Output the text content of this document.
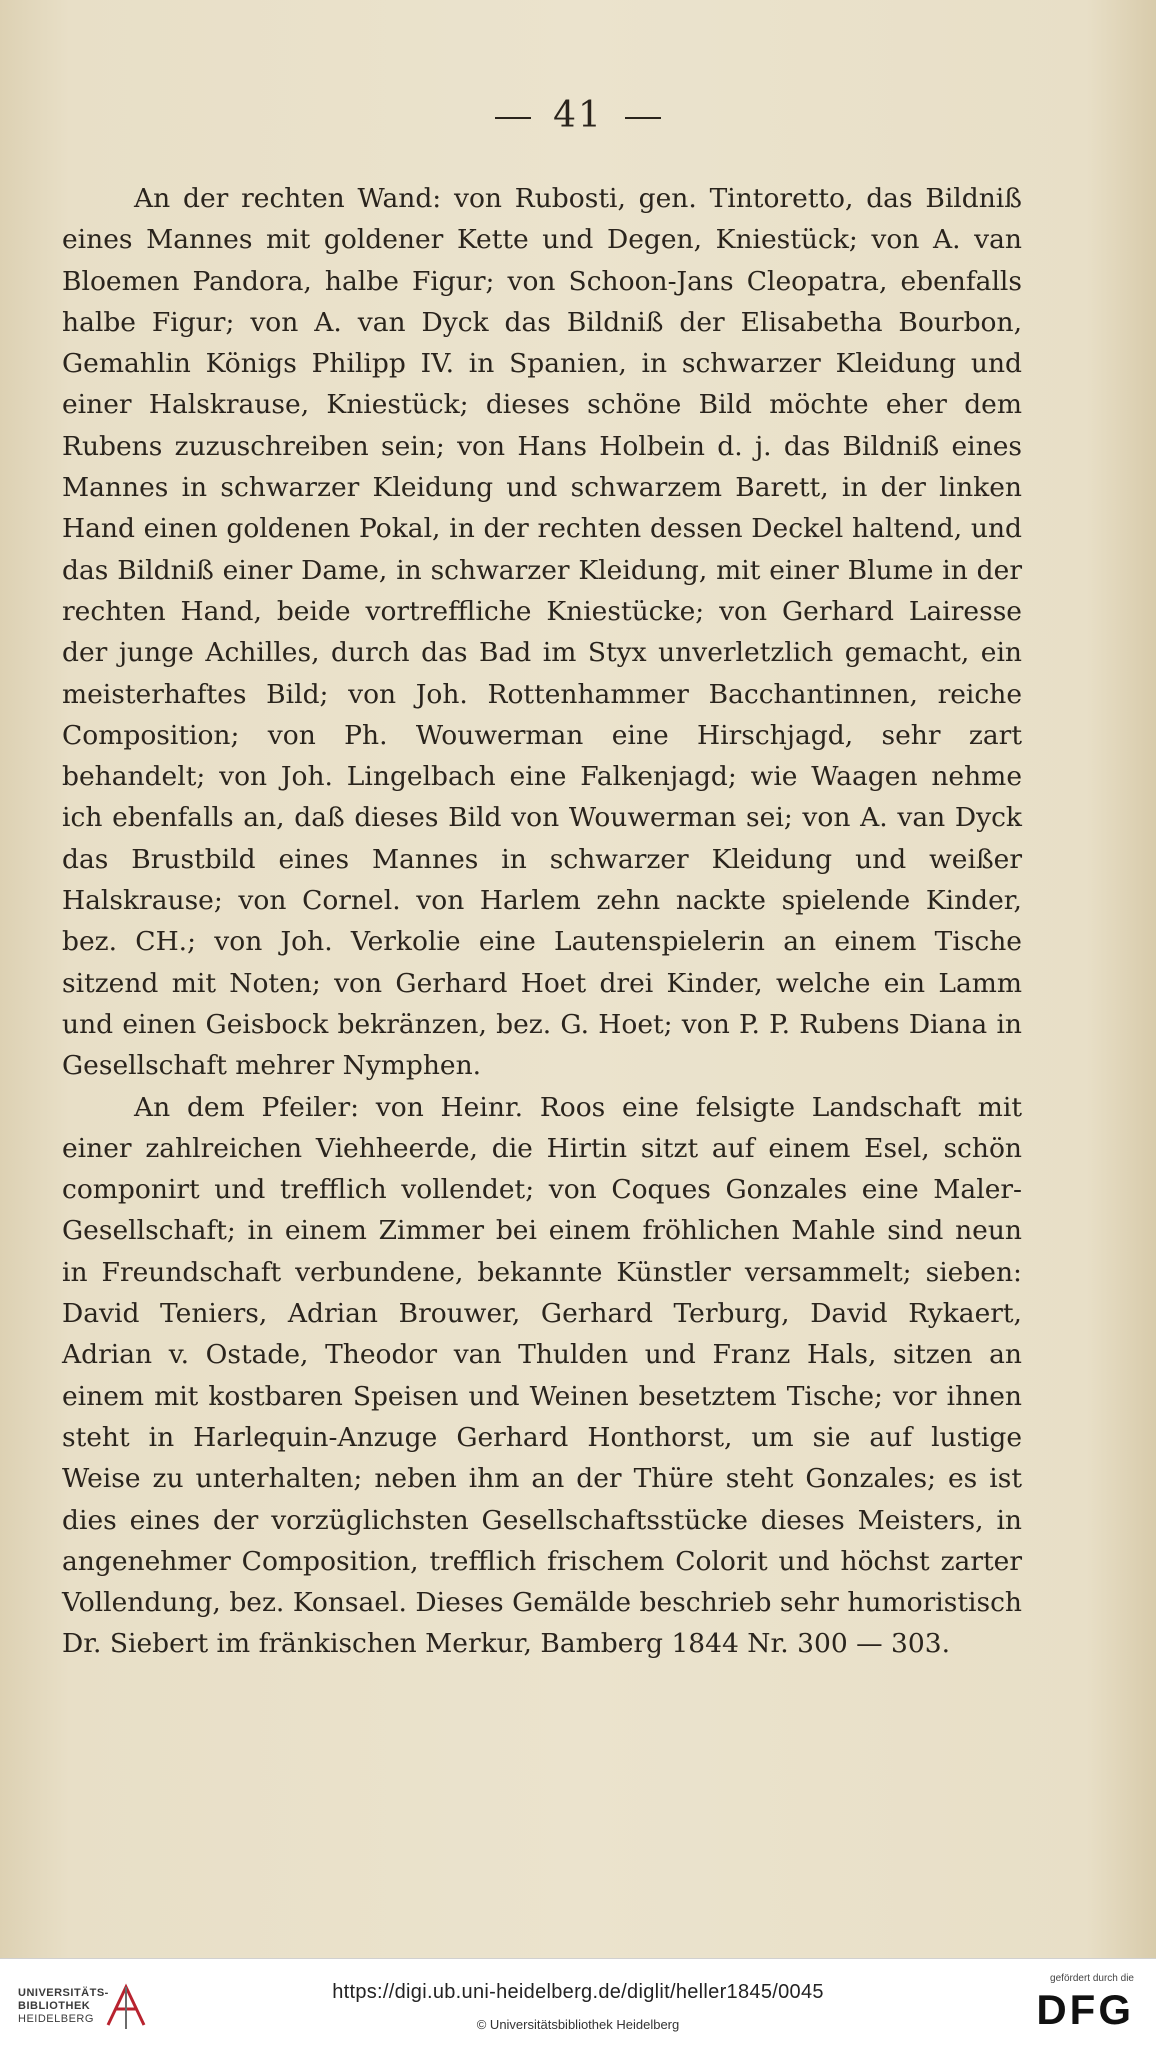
41

An der rechten Wand: von Rubosti, gen. Tintoretto, das Bildniß eines Mannes mit goldener Kette und Degen, Kniestück; von A. van Bloemen Pandora, halbe Figur; von Schoon-Jans Cleopatra, ebenfalls halbe Figur; von A. van Dyck das Bildniß der Elisabetha Bourbon, Gemahlin Königs Philipp IV. in Spanien, in schwarzer Kleidung und einer Halskrause, Kniestück; dieses schöne Bild möchte eher dem Rubens zuzuschreiben sein; von Hans Holbein d. j. das Bildniß eines Mannes in schwarzer Kleidung und schwarzem Barett, in der linken Hand einen goldenen Pokal, in der rechten dessen Deckel haltend, und das Bildniß einer Dame, in schwarzer Kleidung, mit einer Blume in der rechten Hand, beide vortreffliche Kniestücke; von Gerhard Lairesse der junge Achilles, durch das Bad im Styx unverletzlich gemacht, ein meisterhaftes Bild; von Joh. Rottenhammer Bacchantinnen, reiche Composition; von Ph. Wouwerman eine Hirschjagd, sehr zart behandelt; von Joh. Lingelbach eine Falkenjagd; wie Waagen nehme ich ebenfalls an, daß dieses Bild von Wouwerman sei; von A. van Dyck das Brustbild eines Mannes in schwarzer Kleidung und weißer Halskrause; von Cornel. von Harlem zehn nackte spielende Kinder, bez. CH.; von Joh. Verkolie eine Lautenspielerin an einem Tische sitzend mit Noten; von Gerhard Hoet drei Kinder, welche ein Lamm und einen Geisbock bekränzen, bez. G. Hoet; von P. P. Rubens Diana in Gesellschaft mehrer Nymphen.

An dem Pfeiler: von Heinr. Roos eine felsigte Landschaft mit einer zahlreichen Viehheerde, die Hirtin sitzt auf einem Esel, schön componirt und trefflich vollendet; von Coques Gonzales eine Maler-Gesellschaft; in einem Zimmer bei einem fröhlichen Mahle sind neun in Freundschaft verbundene, bekannte Künstler versammelt; sieben: David Teniers, Adrian Brouwer, Gerhard Terburg, David Rykaert, Adrian v. Ostade, Theodor van Thulden und Franz Hals, sitzen an einem mit kostbaren Speisen und Weinen besetztem Tische; vor ihnen steht in Harlequin-Anzuge Gerhard Honthorst, um sie auf lustige Weise zu unterhalten; neben ihm an der Thüre steht Gonzales; es ist dies eines der vorzüglichsten Gesellschaftsstücke dieses Meisters, in angenehmer Composition, trefflich frischem Colorit und höchst zarter Vollendung, bez. Konsael. Dieses Gemälde beschrieb sehr humoristisch Dr. Siebert im fränkischen Merkur, Bamberg 1844 Nr. 300 — 303.

UNIVERSITÄTS-
BIBLIOTHEK
HEIDELBERG
https://digi.ub.uni-heidelberg.de/diglit/heller1845/0045
© Universitätsbibliothek Heidelberg
gefördert durch die
DFG
